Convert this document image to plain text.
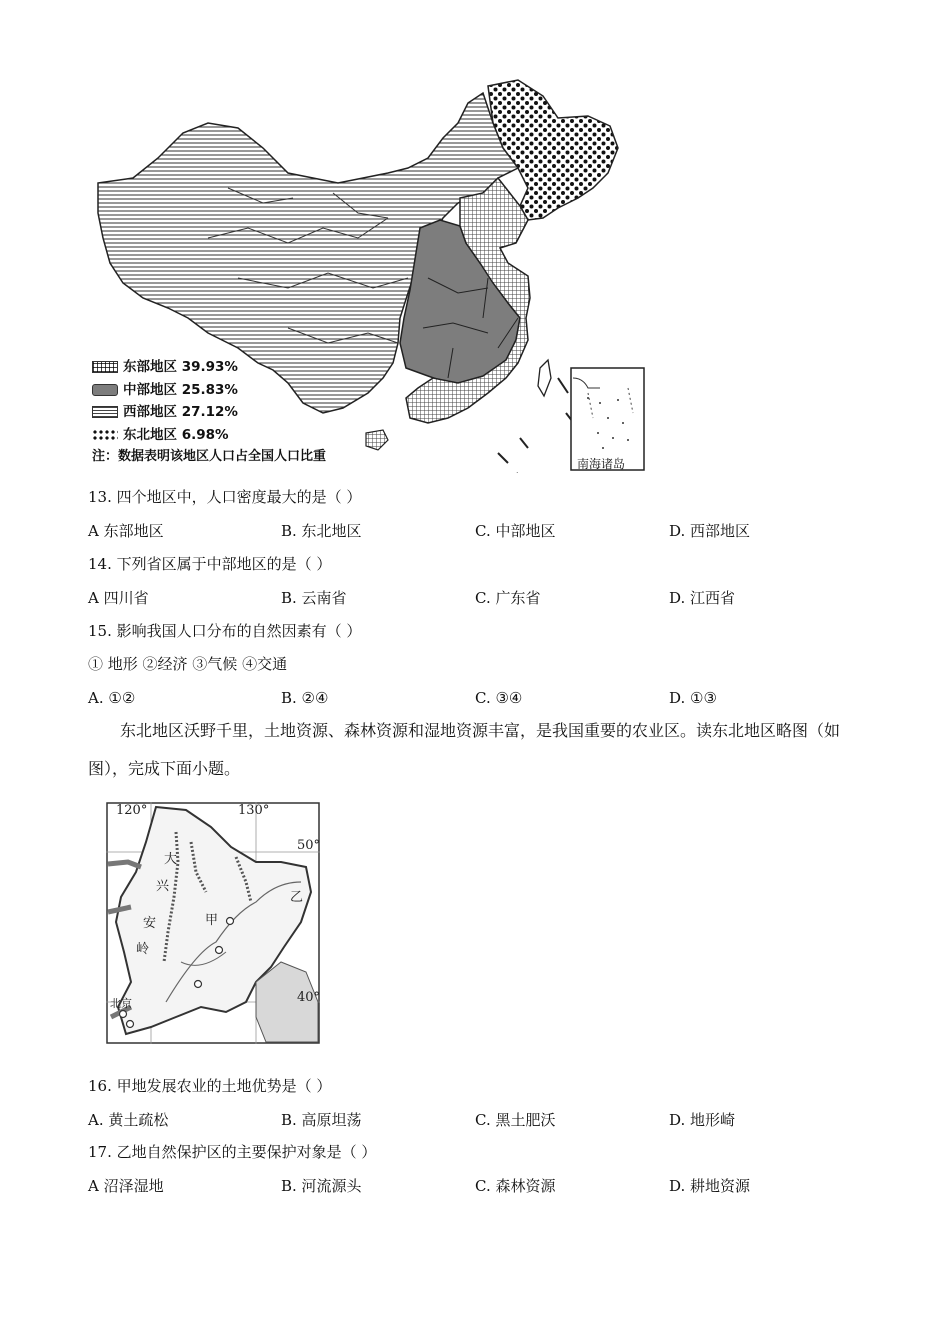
南海诸岛
东部地区 39.93%
中部地区 25.83%
西部地区 27.12%
东北地区 6.98%
注：数据表明该地区人口占全国人口比重
13. 四个地区中，人口密度最大的是（ ）
A 东部地区	B. 东北地区	C. 中部地区	D. 西部地区
14. 下列省区属于中部地区的是（ ）
A 四川省	B. 云南省	C. 广东省	D. 江西省
15. 影响我国人口分布的自然因素有（ ）
① 地形 ②经济 ③气候 ④交通
A. ①②	B. ②④	C. ③④	D. ①③
东北地区沃野千里，土地资源、森林资源和湿地资源丰富，是我国重要的农业区。读东北地区略图（如图），完成下面小题。
120°	130°
50°
40°
大
兴
安
岭
甲
乙
北京
16. 甲地发展农业的土地优势是（ ）
A. 黄土疏松	B. 高原坦荡	C. 黑土肥沃	D. 地形崎
17. 乙地自然保护区的主要保护对象是（ ）
A 沼泽湿地	B. 河流源头	C. 森林资源	D. 耕地资源
